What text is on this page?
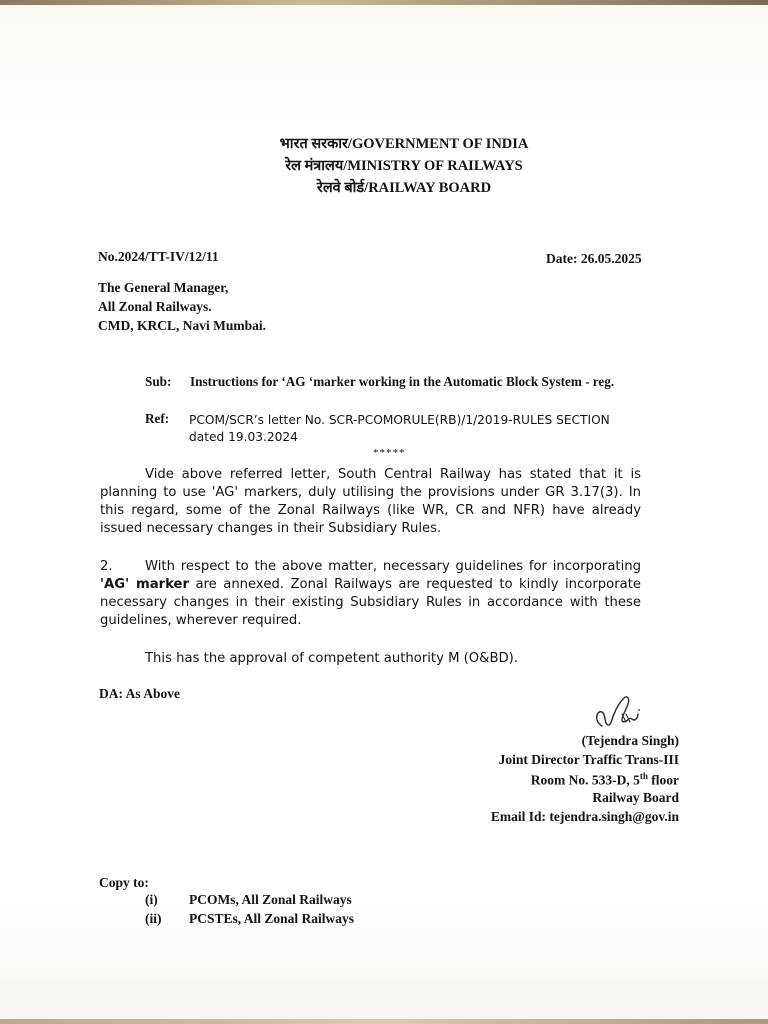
भारत सरकार/GOVERNMENT OF INDIA
रेल मंत्रालय/MINISTRY OF RAILWAYS
रेलवे बोर्ड/RAILWAY BOARD
No.2024/TT-IV/12/11	Date: 26.05.2025
The General Manager,
All Zonal Railways.
CMD, KRCL, Navi Mumbai.
Sub: Instructions for ‘AG ‘marker working in the Automatic Block System - reg.
Ref: PCOM/SCR’s letter No. SCR-PCOMORULE(RB)/1/2019-RULES SECTION
dated 19.03.2024
*****
Vide above referred letter, South Central Railway has stated that it is planning to use 'AG' markers, duly utilising the provisions under GR 3.17(3). In this regard, some of the Zonal Railways (like WR, CR and NFR) have already issued necessary changes in their Subsidiary Rules.
2. With respect to the above matter, necessary guidelines for incorporating 'AG' marker are annexed. Zonal Railways are requested to kindly incorporate necessary changes in their existing Subsidiary Rules in accordance with these guidelines, wherever required.
This has the approval of competent authority M (O&BD).
DA: As Above
(Tejendra Singh)
Joint Director Traffic Trans-III
Room No. 533-D, 5th floor
Railway Board
Email Id: tejendra.singh@gov.in
Copy to:
(i) PCOMs, All Zonal Railways
(ii) PCSTEs, All Zonal Railways
